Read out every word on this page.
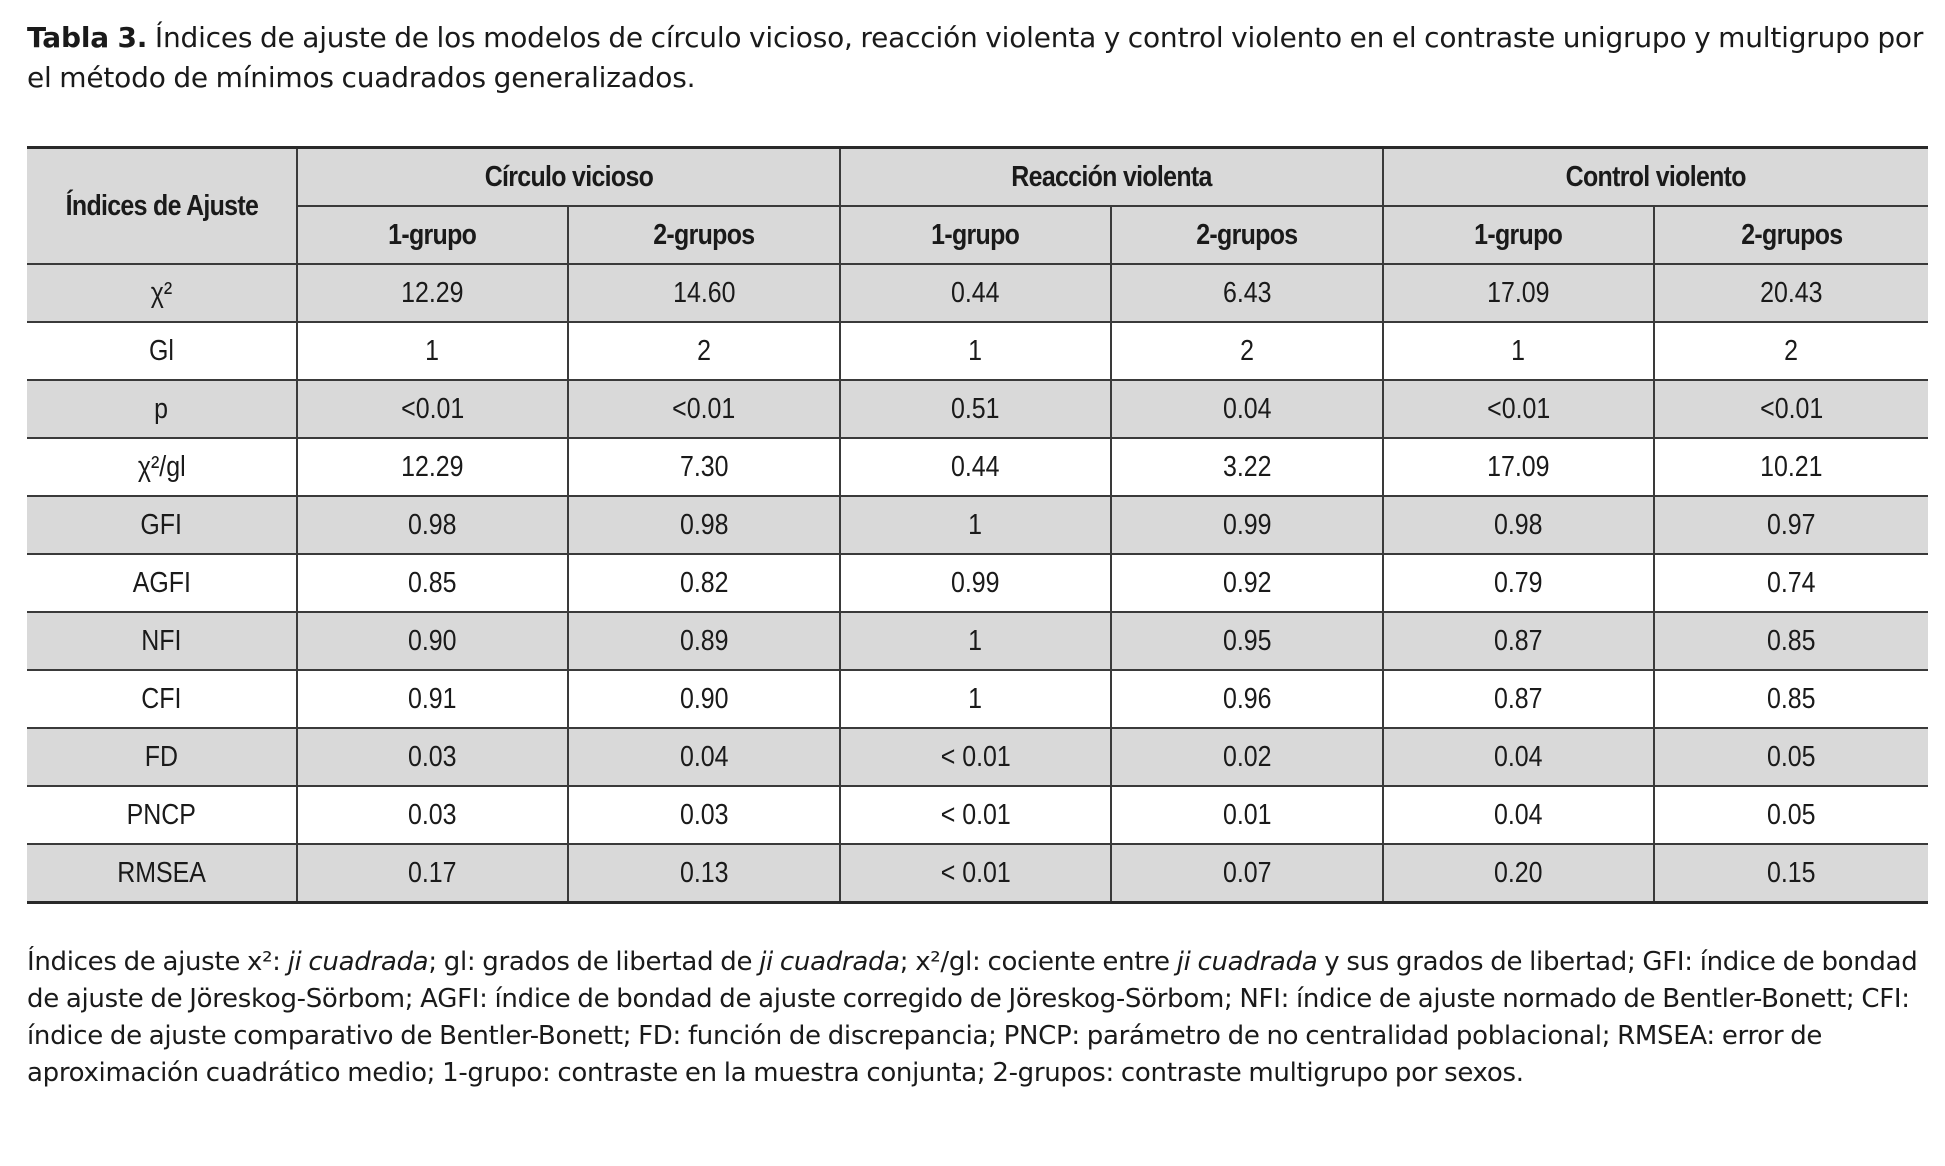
Tabla 3. Índices de ajuste de los modelos de círculo vicioso, reacción violenta y control violento en el contraste unigrupo y multigrupo por el método de mínimos cuadrados generalizados.
Índices de Ajuste	Círculo vicioso		Reacción violenta		Control violento	
	1-grupo	2-grupos	1-grupo	2-grupos	1-grupo	2-grupos
χ²	12.29	14.60	0.44	6.43	17.09	20.43
Gl	1	2	1	2	1	2
p	<0.01	<0.01	0.51	0.04	<0.01	<0.01
χ²/gl	12.29	7.30	0.44	3.22	17.09	10.21
GFI	0.98	0.98	1	0.99	0.98	0.97
AGFI	0.85	0.82	0.99	0.92	0.79	0.74
NFI	0.90	0.89	1	0.95	0.87	0.85
CFI	0.91	0.90	1	0.96	0.87	0.85
FD	0.03	0.04	< 0.01	0.02	0.04	0.05
PNCP	0.03	0.03	< 0.01	0.01	0.04	0.05
RMSEA	0.17	0.13	< 0.01	0.07	0.20	0.15
Índices de ajuste x²: ji cuadrada; gl: grados de libertad de ji cuadrada; x²/gl: cociente entre ji cuadrada y sus grados de libertad; GFI: índice de bondad de ajuste de Jöreskog-Sörbom; AGFI: índice de bondad de ajuste corregido de Jöreskog-Sörbom; NFI: índice de ajuste normado de Bentler-Bonett; CFI: índice de ajuste comparativo de Bentler-Bonett; FD: función de discrepancia; PNCP: parámetro de no centralidad poblacional; RMSEA: error de aproximación cuadrático medio; 1-grupo: contraste en la muestra conjunta; 2-grupos: contraste multigrupo por sexos.
